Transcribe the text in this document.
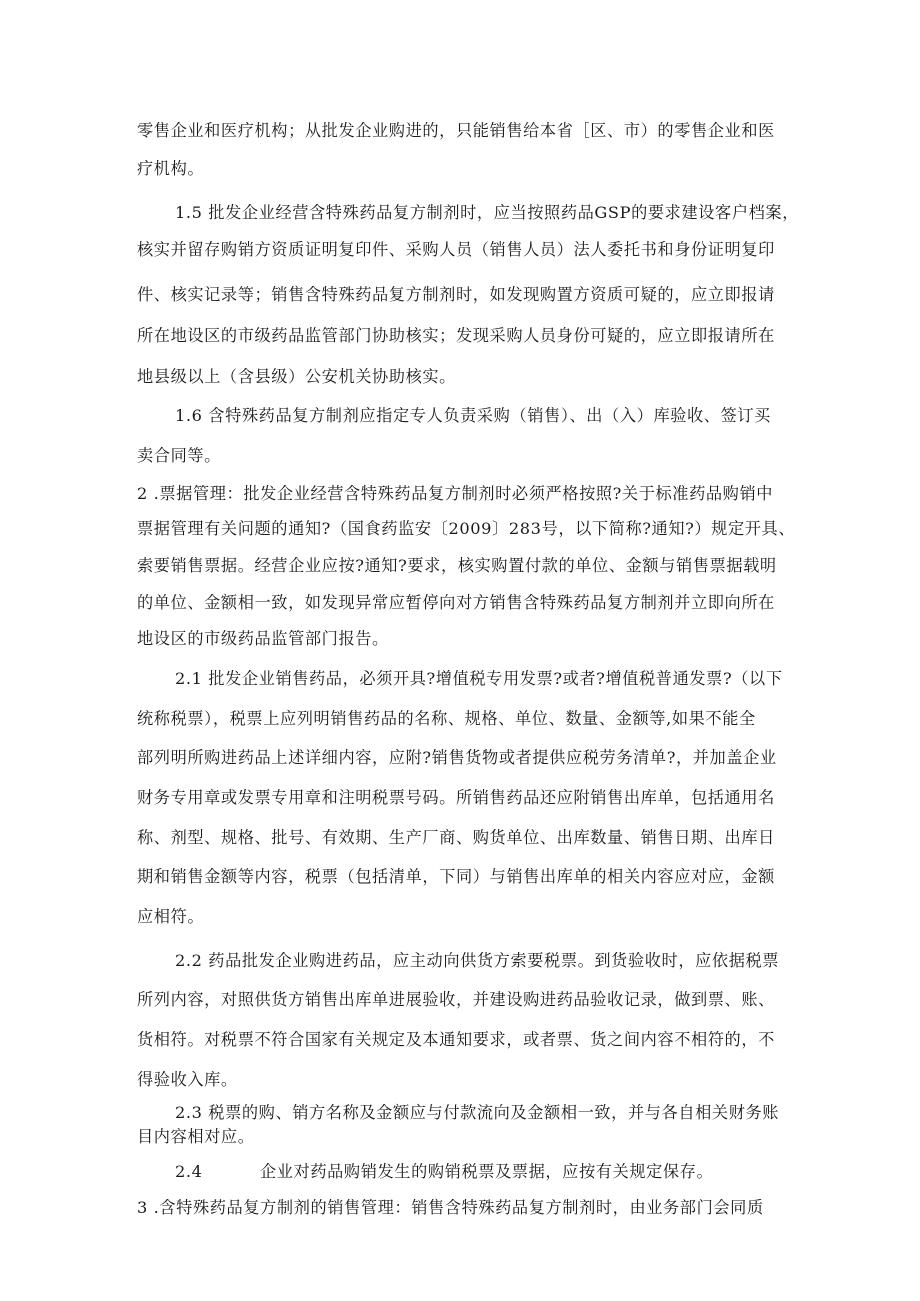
零售企业和医疗机构；从批发企业购进的，只能销售给本省［区、市）的零售企业和医
疗机构。
1.5 批发企业经营含特殊药品复方制剂时，应当按照药品GSP的要求建设客户档案，
核实并留存购销方资质证明复印件、采购人员（销售人员）法人委托书和身份证明复印
件、核实记录等；销售含特殊药品复方制剂时，如发现购置方资质可疑的，应立即报请
所在地设区的市级药品监管部门协助核实；发现采购人员身份可疑的，应立即报请所在
地县级以上（含县级）公安机关协助核实。
1.6 含特殊药品复方制剂应指定专人负责采购（销售）、出（入）库验收、签订买
卖合同等。
2 .票据管理：批发企业经营含特殊药品复方制剂时必须严格按照?关于标准药品购销中
票据管理有关问题的通知?（国食药监安〔2009〕283号，以下简称?通知?）规定开具、
索要销售票据。经营企业应按?通知?要求，核实购置付款的单位、金额与销售票据载明
的单位、金额相一致，如发现异常应暂停向对方销售含特殊药品复方制剂并立即向所在
地设区的市级药品监管部门报告。
2.1 批发企业销售药品，必须开具?增值税专用发票?或者?增值税普通发票?（以下
统称税票），税票上应列明销售药品的名称、规格、单位、数量、金额等,如果不能全
部列明所购进药品上述详细内容，应附?销售货物或者提供应税劳务清单?，并加盖企业
财务专用章或发票专用章和注明税票号码。所销售药品还应附销售出库单，包括通用名
称、剂型、规格、批号、有效期、生产厂商、购货单位、出库数量、销售日期、出库日
期和销售金额等内容，税票（包括清单，下同）与销售出库单的相关内容应对应，金额
应相符。
2.2 药品批发企业购进药品，应主动向供货方索要税票。到货验收时，应依据税票
所列内容，对照供货方销售出库单进展验收，并建设购进药品验收记录，做到票、账、
货相符。对税票不符合国家有关规定及本通知要求，或者票、货之间内容不相符的，不
得验收入库。
2.3 税票的购、销方名称及金额应与付款流向及金额相一致，并与各自相关财务账
目内容相对应。
2.4          企业对药品购销发生的购销税票及票据，应按有关规定保存。
3 .含特殊药品复方制剂的销售管理：销售含特殊药品复方制剂时，由业务部门会同质
